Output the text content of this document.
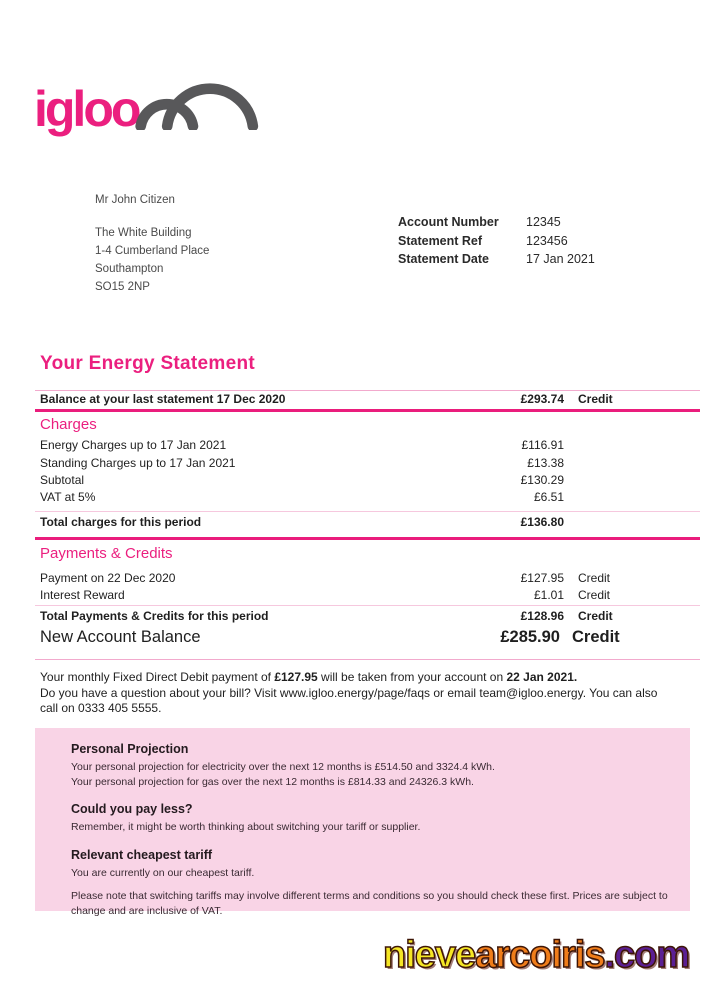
igloo
Mr John Citizen
The White Building
1-4 Cumberland Place
Southampton
SO15 2NP
Account Number	12345
Statement Ref	123456
Statement Date	17 Jan 2021
Your Energy Statement
Balance at your last statement 17 Dec 2020	£293.74	Credit
Charges
Energy Charges up to 17 Jan 2021	£116.91
Standing Charges up to 17 Jan 2021	£13.38
Subtotal	£130.29
VAT at 5%	£6.51
Total charges for this period	£136.80
Payments & Credits
Payment on 22 Dec 2020	£127.95	Credit
Interest Reward	£1.01	Credit
Total Payments & Credits for this period	£128.96	Credit
New Account Balance	£285.90 Credit
Your monthly Fixed Direct Debit payment of £127.95 will be taken from your account on 22 Jan 2021.
Do you have a question about your bill? Visit www.igloo.energy/page/faqs or email team@igloo.energy. You can also call on 0333 405 5555.
Personal Projection
Your personal projection for electricity over the next 12 months is £514.50 and 3324.4 kWh.
Your personal projection for gas over the next 12 months is £814.33 and 24326.3 kWh.
Could you pay less?
Remember, it might be worth thinking about switching your tariff or supplier.
Relevant cheapest tariff
You are currently on our cheapest tariff.
Please note that switching tariffs may involve different terms and conditions so you should check these first. Prices are subject to change and are inclusive of VAT.
nievearcoiris.com
